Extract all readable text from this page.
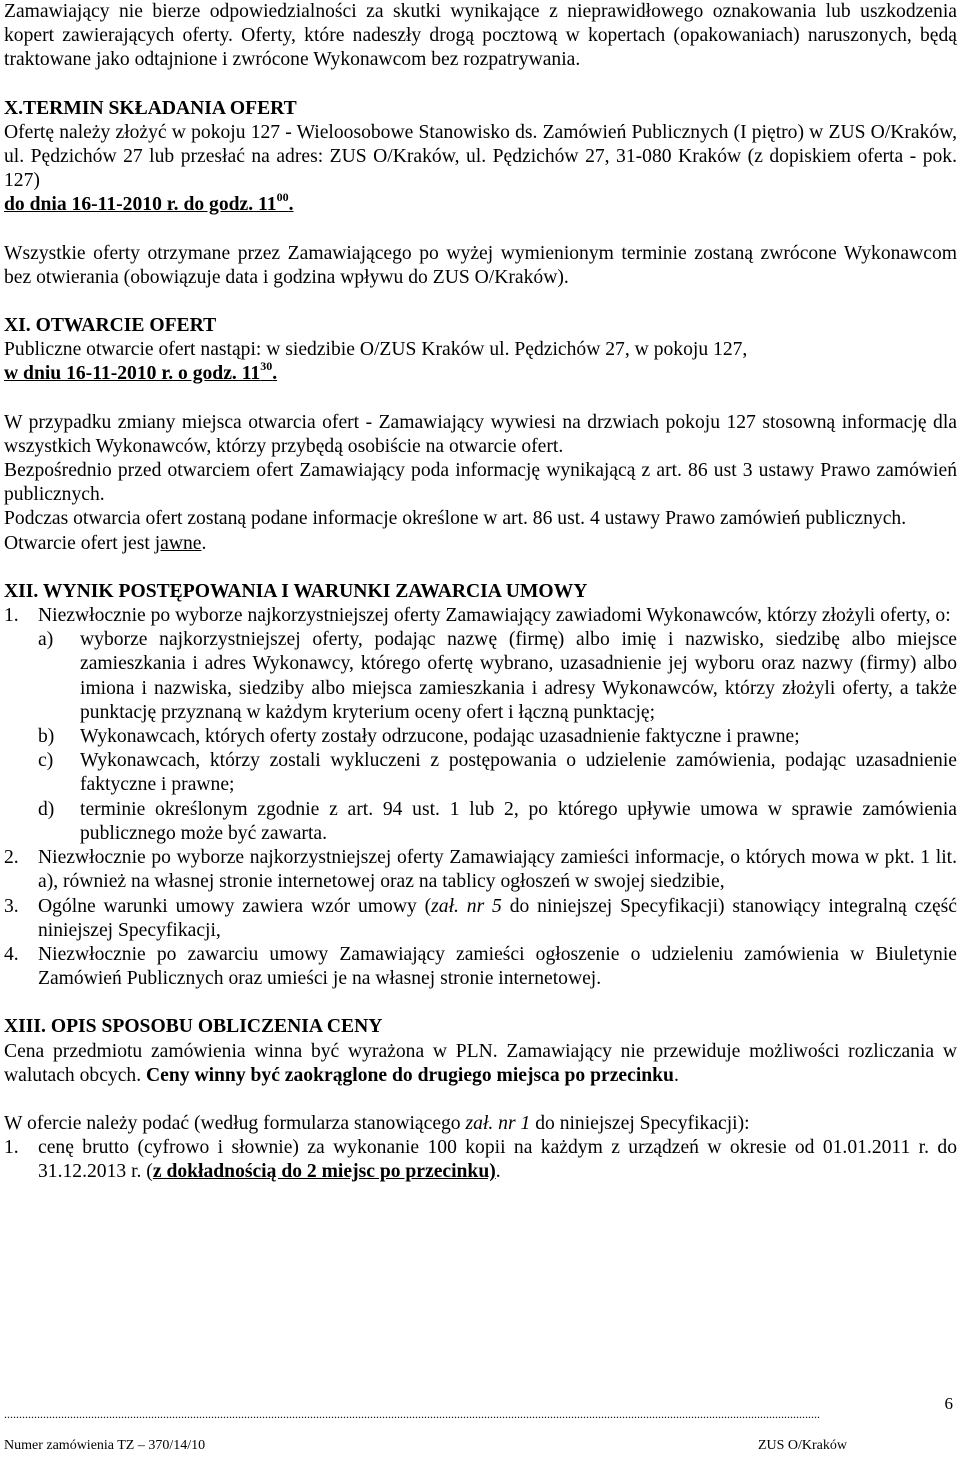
Zamawiający nie bierze odpowiedzialności za skutki wynikające z nieprawidłowego oznakowania lub uszkodzenia kopert zawierających oferty. Oferty, które nadeszły drogą pocztową w kopertach (opakowaniach) naruszonych, będą traktowane jako odtajnione i zwrócone Wykonawcom bez rozpatrywania.

X.TERMIN SKŁADANIA OFERT

Ofertę należy złożyć w pokoju 127 - Wieloosobowe Stanowisko ds. Zamówień Publicznych (I piętro) w ZUS O/Kraków, ul. Pędzichów 27 lub przesłać na adres: ZUS O/Kraków, ul. Pędzichów 27, 31-080 Kraków (z dopiskiem oferta - pok. 127)

do dnia 16-11-2010 r. do godz. $11^{00}$.

Wszystkie oferty otrzymane przez Zamawiającego po wyżej wymienionym terminie zostaną zwrócone Wykonawcom bez otwierania (obowiązuje data i godzina wpływu do ZUS O/Kraków).

XI. OTWARCIE OFERT

Publiczne otwarcie ofert nastąpi: w siedzibie O/ZUS Kraków ul. Pędzichów 27, w pokoju 127,

w dniu 16-11-2010 r. o godz. $11^{30}$.

W przypadku zmiany miejsca otwarcia ofert - Zamawiający wywiesi na drzwiach pokoju 127 stosowną informację dla wszystkich Wykonawców, którzy przybędą osobiście na otwarcie ofert.

Bezpośrednio przed otwarciem ofert Zamawiający poda informację wynikającą z art. 86 ust 3 ustawy Prawo zamówień publicznych.

Podczas otwarcia ofert zostaną podane informacje określone w art. 86 ust. 4 ustawy Prawo zamówień publicznych.

Otwarcie ofert jest jawne.

XII. WYNIK POSTĘPOWANIA I WARUNKI ZAWARCIA UMOWY

1. Niezwłocznie po wyborze najkorzystniejszej oferty Zamawiający zawiadomi Wykonawców, którzy złożyli oferty, o:
a)	wyborze najkorzystniejszej oferty, podając nazwę (firmę) albo imię i nazwisko, siedzibę albo miejsce zamieszkania i adres Wykonawcy, którego ofertę wybrano, uzasadnienie jej wyboru oraz nazwy (firmy) albo imiona i nazwiska, siedziby albo miejsca zamieszkania i adresy Wykonawców, którzy złożyli oferty, a także punktację przyznaną w każdym kryterium oceny ofert i łączną punktację;
b)	Wykonawcach, których oferty zostały odrzucone, podając uzasadnienie faktyczne i prawne;
c)	Wykonawcach, którzy zostali wykluczeni z postępowania o udzielenie zamówienia, podając uzasadnienie faktyczne i prawne;
d)	terminie określonym zgodnie z art. 94 ust. 1 lub 2, po którego upływie umowa w sprawie zamówienia publicznego może być zawarta.
2. Niezwłocznie po wyborze najkorzystniejszej oferty Zamawiający zamieści informacje, o których mowa w pkt. 1 lit. a), również na własnej stronie internetowej oraz na tablicy ogłoszeń w swojej siedzibie,
3. Ogólne warunki umowy zawiera wzór umowy (zał. nr 5 do niniejszej Specyfikacji) stanowiący integralną część niniejszej Specyfikacji,
4. Niezwłocznie po zawarciu umowy Zamawiający zamieści ogłoszenie o udzieleniu zamówienia w Biuletynie Zamówień Publicznych oraz umieści je na własnej stronie internetowej.

XIII. OPIS SPOSOBU OBLICZENIA CENY

Cena przedmiotu zamówienia winna być wyrażona w PLN. Zamawiający nie przewiduje możliwości rozliczania w walutach obcych. Ceny winny być zaokrąglone do drugiego miejsca po przecinku.

W ofercie należy podać (według formularza stanowiącego zał. nr 1 do niniejszej Specyfikacji):

1. cenę brutto (cyfrowo i słownie) za wykonanie 100 kopii na każdym z urządzeń w okresie od 01.01.2011 r. do 31.12.2013 r. (z dokładnością do 2 miejsc po przecinku).
................................................................................................................................................................................................................................................................................
6
Numer zamówienia TZ – 370/14/10	ZUS O/Kraków
